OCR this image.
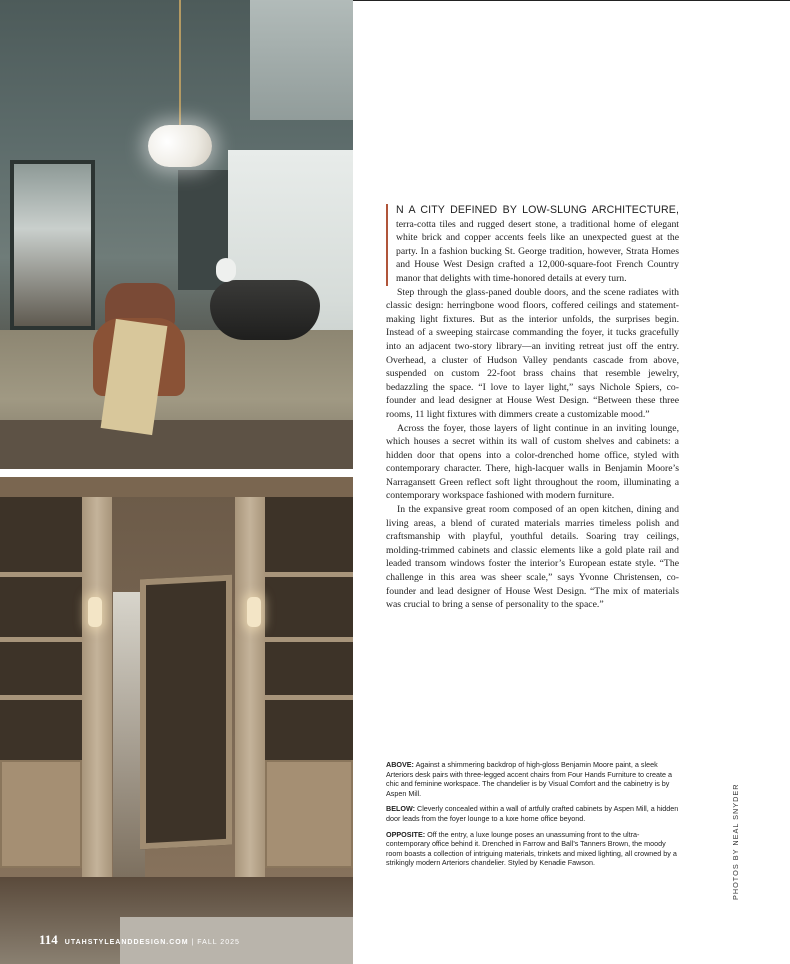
N A CITY DEFINED BY LOW-SLUNG ARCHITECTURE, terra-cotta tiles and rugged desert stone, a traditional home of elegant white brick and copper accents feels like an unexpected guest at the party. In a fashion bucking St. George tradition, however, Strata Homes and House West Design crafted a 12,000-square-foot French Country manor that delights with time-honored details at every turn.

Step through the glass-paned double doors, and the scene radiates with classic design: herringbone wood floors, coffered ceilings and statement-making light fixtures. But as the interior unfolds, the surprises begin. Instead of a sweeping staircase commanding the foyer, it tucks gracefully into an adjacent two-story library—an inviting retreat just off the entry. Overhead, a cluster of Hudson Valley pendants cascade from above, suspended on custom 22-foot brass chains that resemble jewelry, bedazzling the space. “I love to layer light,” says Nichole Spiers, co-founder and lead designer at House West Design. “Between these three rooms, 11 light fixtures with dimmers create a customizable mood.”

Across the foyer, those layers of light continue in an inviting lounge, which houses a secret within its wall of custom shelves and cabinets: a hidden door that opens into a color-drenched home office, styled with contemporary character. There, high-lacquer walls in Benjamin Moore’s Narragansett Green reflect soft light throughout the room, illuminating a contemporary workspace fashioned with modern furniture.

In the expansive great room composed of an open kitchen, dining and living areas, a blend of curated materials marries timeless polish and craftsmanship with playful, youthful details. Soaring tray ceilings, molding-trimmed cabinets and classic elements like a gold plate rail and leaded transom windows foster the interior’s European estate style. “The challenge in this area was sheer scale,” says Yvonne Christensen, co-founder and lead designer of House West Design. “The mix of materials was crucial to bring a sense of personality to the space.”

ABOVE: Against a shimmering backdrop of high-gloss Benjamin Moore paint, a sleek Arteriors desk pairs with three-legged accent chairs from Four Hands Furniture to create a chic and feminine workspace. The chandelier is by Visual Comfort and the cabinetry is by Aspen Mill.

BELOW: Cleverly concealed within a wall of artfully crafted cabinets by Aspen Mill, a hidden door leads from the foyer lounge to a luxe home office beyond.

OPPOSITE: Off the entry, a luxe lounge poses an unassuming front to the ultra-contemporary office behind it. Drenched in Farrow and Ball’s Tanners Brown, the moody room boasts a collection of intriguing materials, trinkets and mixed lighting, all crowned by a strikingly modern Arteriors chandelier. Styled by Kenadie Fawson.	PHOTOS BY NEAL SNYDER
114 UTAHSTYLEANDDESIGN.COM | FALL 2025
